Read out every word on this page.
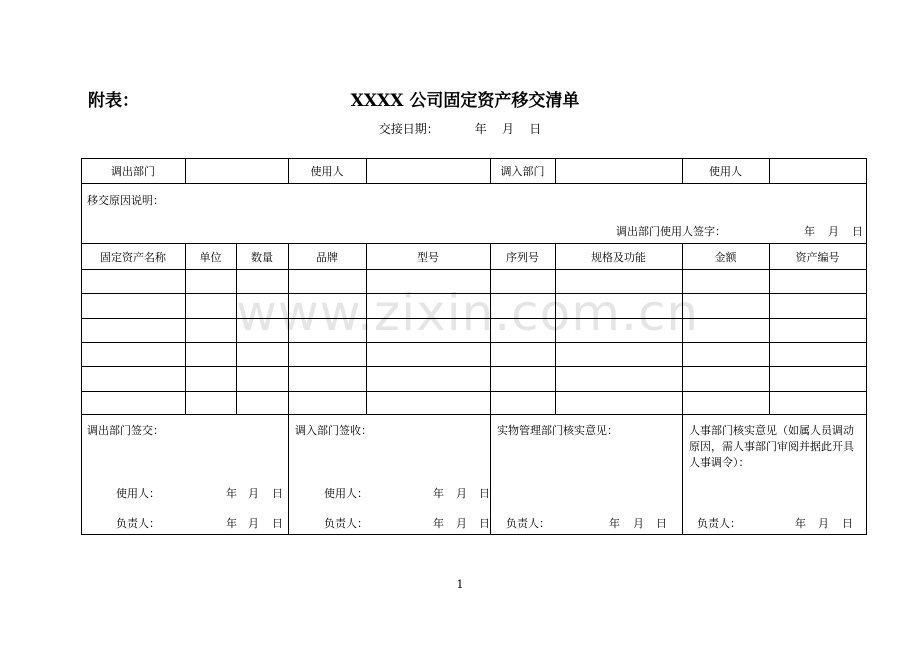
附表：	XXXX 公司固定资产移交清单
交接日期：	年 月 日
调出部门	使用人	调入部门	使用人
移交原因说明：
调出部门使用人签字：	年 月 日
固定资产名称	单位	数量	品牌	型号	序列号	规格及功能	金额	资产编号
调出部门签交：	调入部门签收：	实物管理部门核实意见：	人事部门核实意见（如属人员调动
原因，需人事部门审阅并据此开具
人事调令）：
使用人：	年 月 日	使用人：	年 月 日
负责人：	年 月 日	负责人：	年 月 日 负责人：	年 月 日	负责人：	年 月 日
www.zixin.com.cn
1
